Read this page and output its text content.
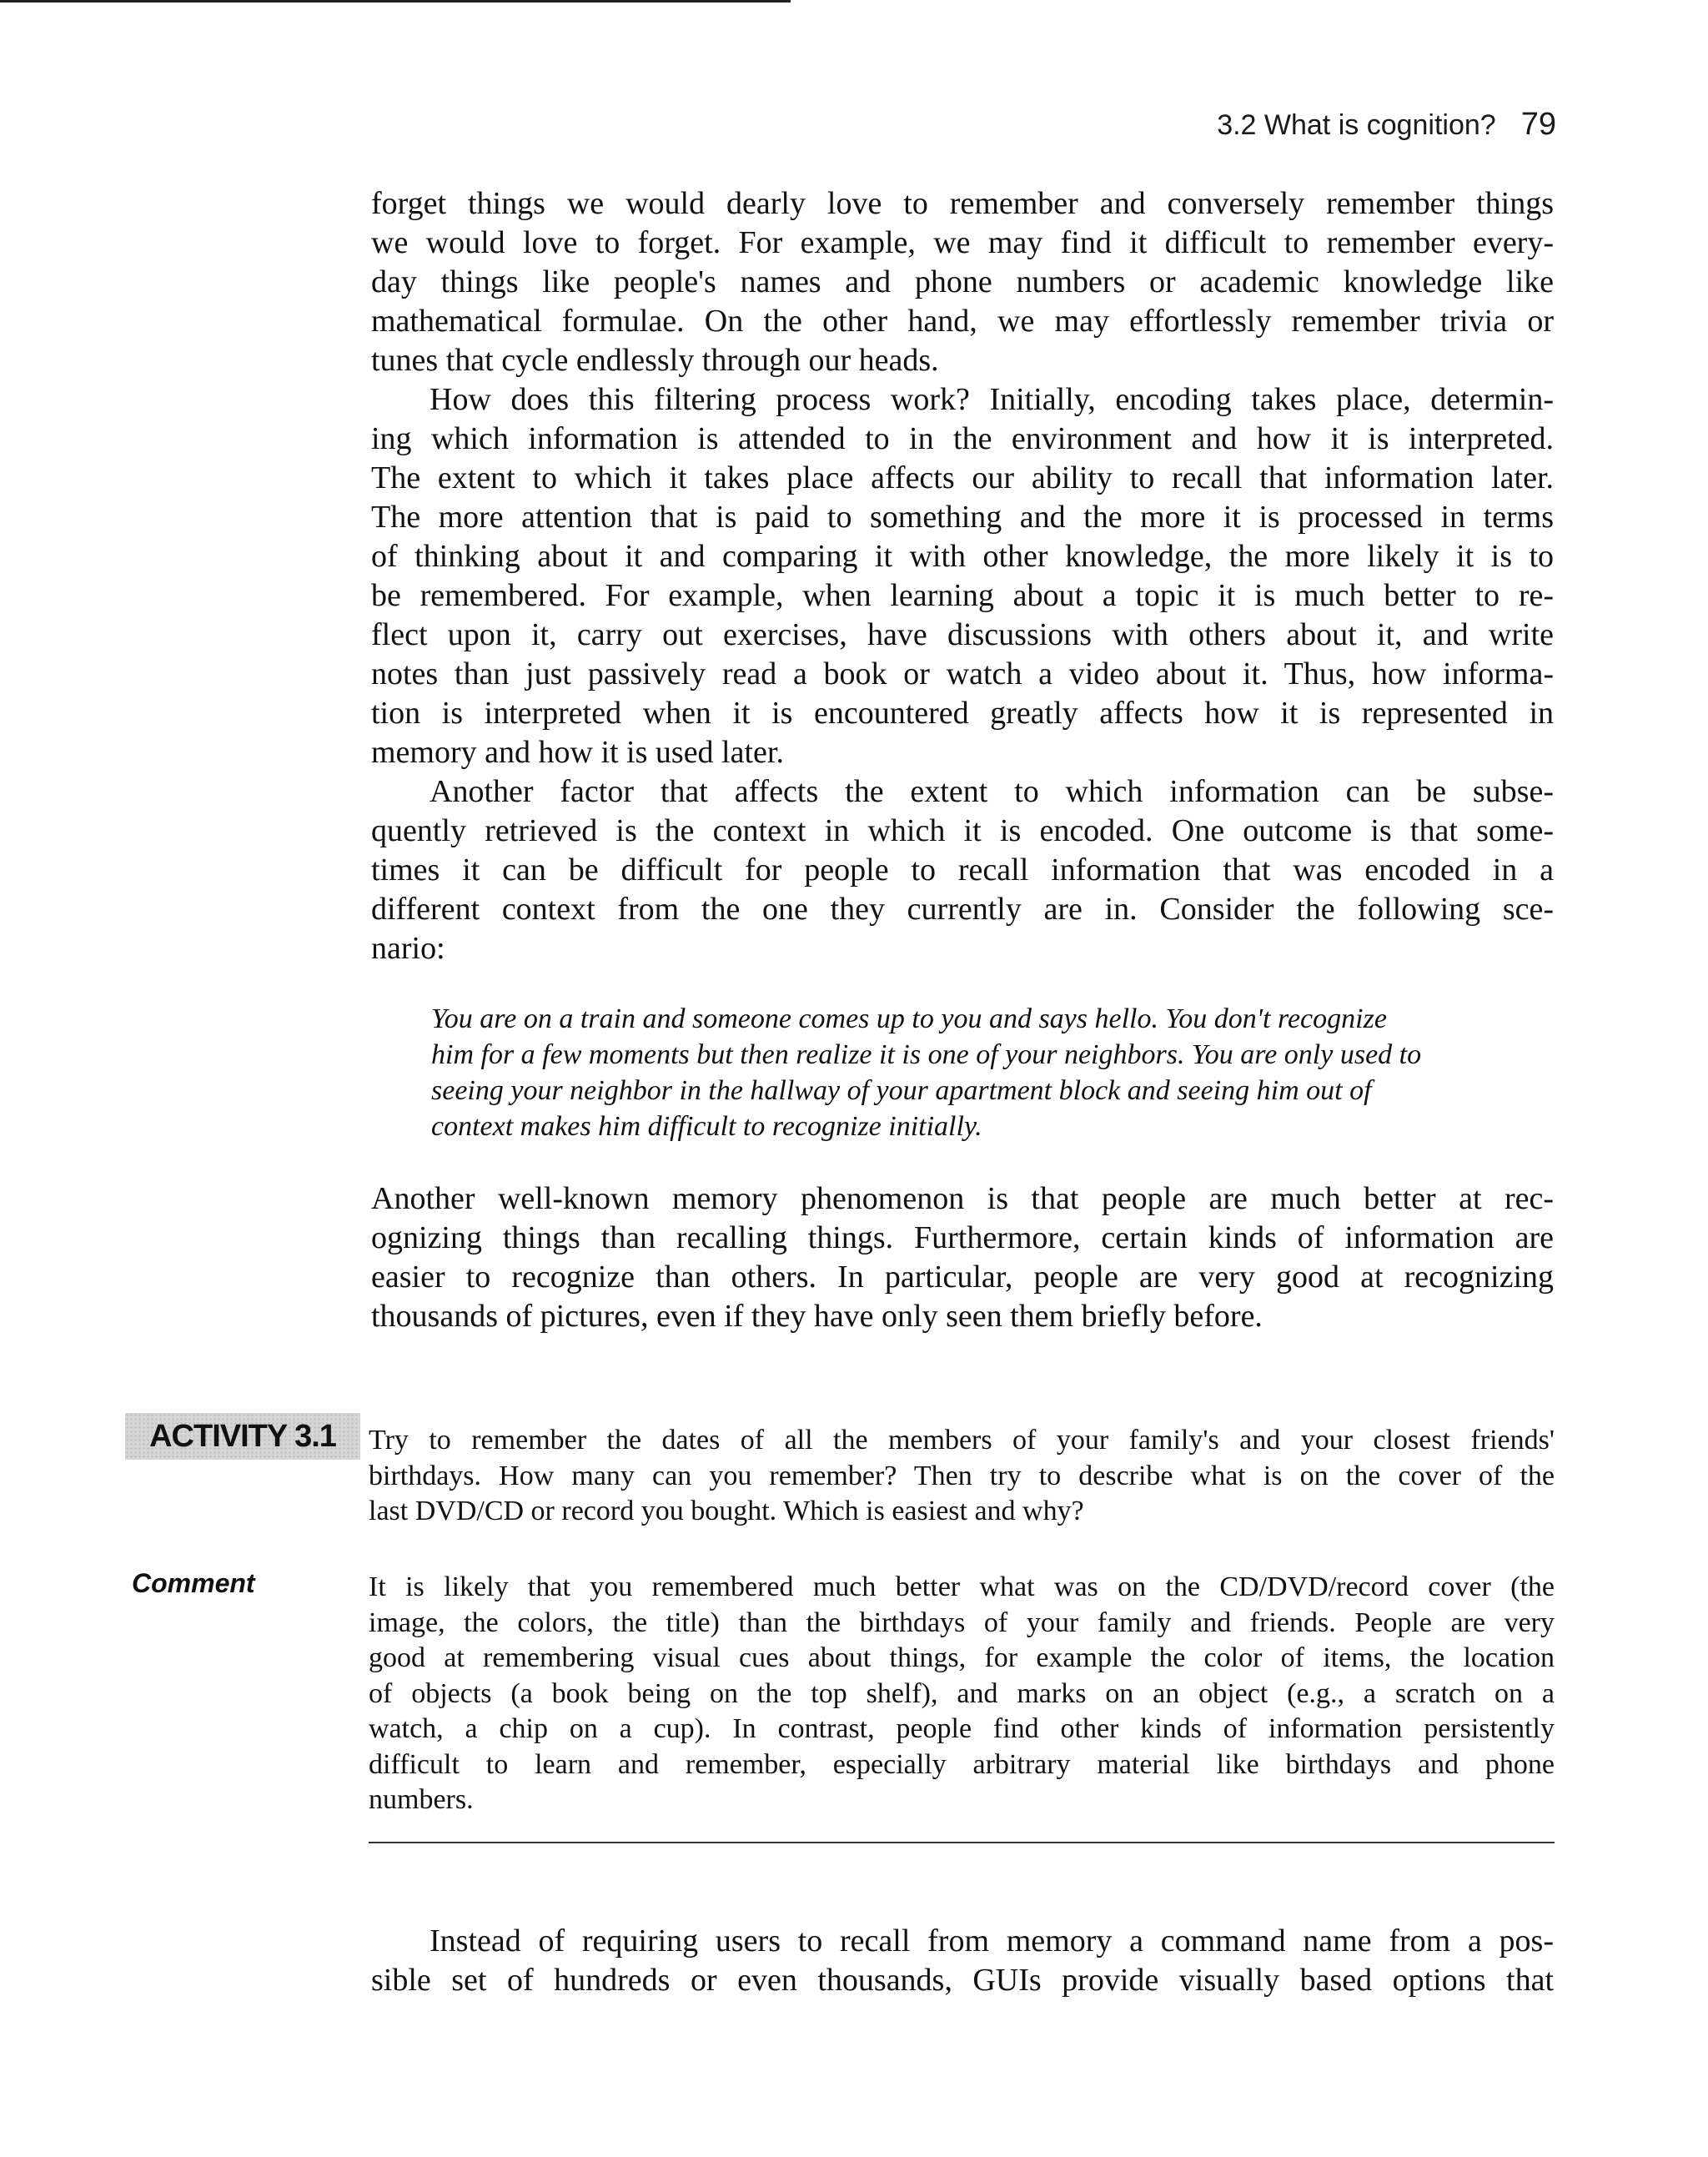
3.2 What is cognition? 79
forget things we would dearly love to remember and conversely remember things
we would love to forget. For example, we may find it difficult to remember every-
day things like people's names and phone numbers or academic knowledge like
mathematical formulae. On the other hand, we may effortlessly remember trivia or
tunes that cycle endlessly through our heads.
How does this filtering process work? Initially, encoding takes place, determin-
ing which information is attended to in the environment and how it is interpreted.
The extent to which it takes place affects our ability to recall that information later.
The more attention that is paid to something and the more it is processed in terms
of thinking about it and comparing it with other knowledge, the more likely it is to
be remembered. For example, when learning about a topic it is much better to re-
flect upon it, carry out exercises, have discussions with others about it, and write
notes than just passively read a book or watch a video about it. Thus, how informa-
tion is interpreted when it is encountered greatly affects how it is represented in
memory and how it is used later.
Another factor that affects the extent to which information can be subse-
quently retrieved is the context in which it is encoded. One outcome is that some-
times it can be difficult for people to recall information that was encoded in a
different context from the one they currently are in. Consider the following sce-
nario:
You are on a train and someone comes up to you and says hello. You don't recognize
him for a few moments but then realize it is one of your neighbors. You are only used to
seeing your neighbor in the hallway of your apartment block and seeing him out of
context makes him difficult to recognize initially.
Another well-known memory phenomenon is that people are much better at rec-
ognizing things than recalling things. Furthermore, certain kinds of information are
easier to recognize than others. In particular, people are very good at recognizing
thousands of pictures, even if they have only seen them briefly before.
ACTIVITY 3.1	Try to remember the dates of all the members of your family's and your closest friends'
birthdays. How many can you remember? Then try to describe what is on the cover of the
last DVD/CD or record you bought. Which is easiest and why?
Comment	It is likely that you remembered much better what was on the CD/DVD/record cover (the
image, the colors, the title) than the birthdays of your family and friends. People are very
good at remembering visual cues about things, for example the color of items, the location
of objects (a book being on the top shelf), and marks on an object (e.g., a scratch on a
watch, a chip on a cup). In contrast, people find other kinds of information persistently
difficult to learn and remember, especially arbitrary material like birthdays and phone
numbers.
Instead of requiring users to recall from memory a command name from a pos-
sible set of hundreds or even thousands, GUIs provide visually based options that
